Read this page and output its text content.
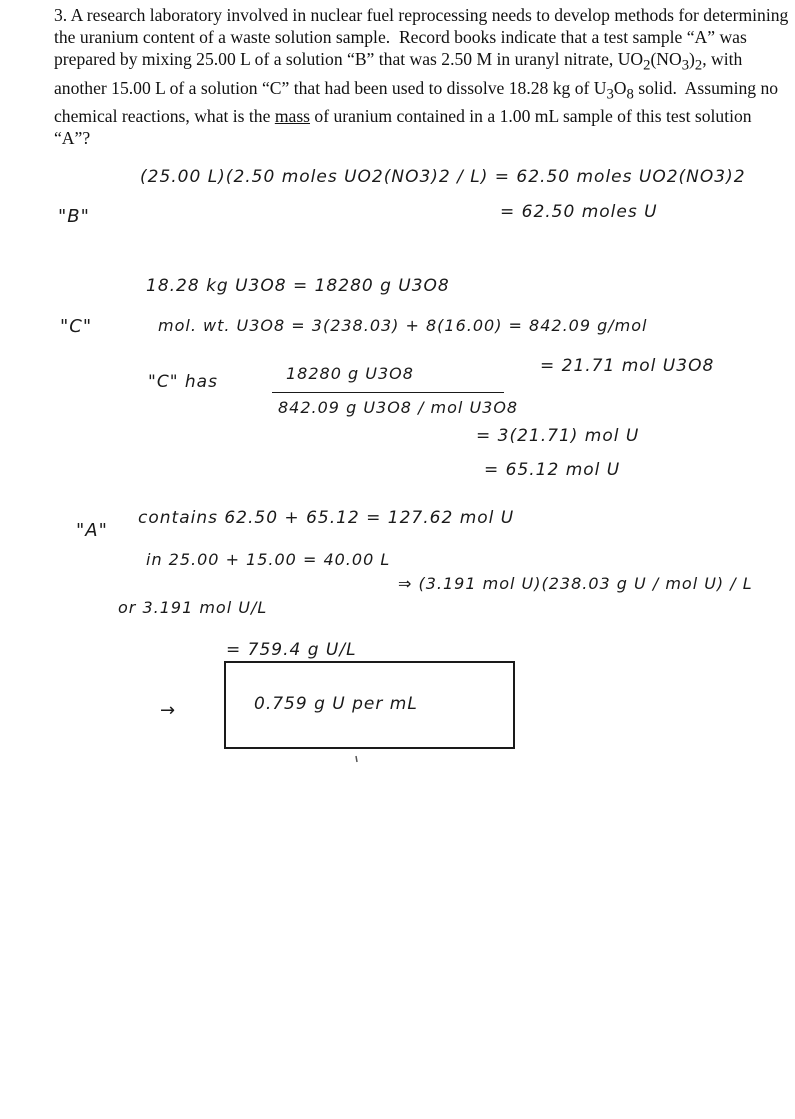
3. A research laboratory involved in nuclear fuel reprocessing needs to develop methods for determining the uranium content of a waste solution sample.  Record books indicate that a test sample “A” was prepared by mixing 25.00 L of a solution “B” that was 2.50 M in uranyl nitrate, $UO_2(NO_3)_2$, with another 15.00 L of a solution “C” that had been used to dissolve 18.28 kg of $U_3O_8$ solid.  Assuming no chemical reactions, what is the mass of uranium contained in a 1.00 mL sample of this test solution “A”?

"B"
(25.00 L)(2.50 moles UO2(NO3)2 / L) = 62.50 moles UO2(NO3)2
= 62.50 moles U
"C"
18.28 kg U3O8 = 18280 g U3O8
mol. wt. U3O8 = 3(238.03) + 8(16.00) = 842.09 g/mol
"C" has	18280 g U3O8
842.09 g U3O8 / mol U3O8
= 21.71 mol U3O8
= 3(21.71) mol U
= 65.12 mol U
"A"
contains 62.50 + 65.12 = 127.62 mol U
in 25.00 + 15.00 = 40.00 L
or 3.191 mol U/L
⇒ (3.191 mol U)(238.03 g U / mol U) / L
= 759.4 g U/L
→	0.759 g U per mL
